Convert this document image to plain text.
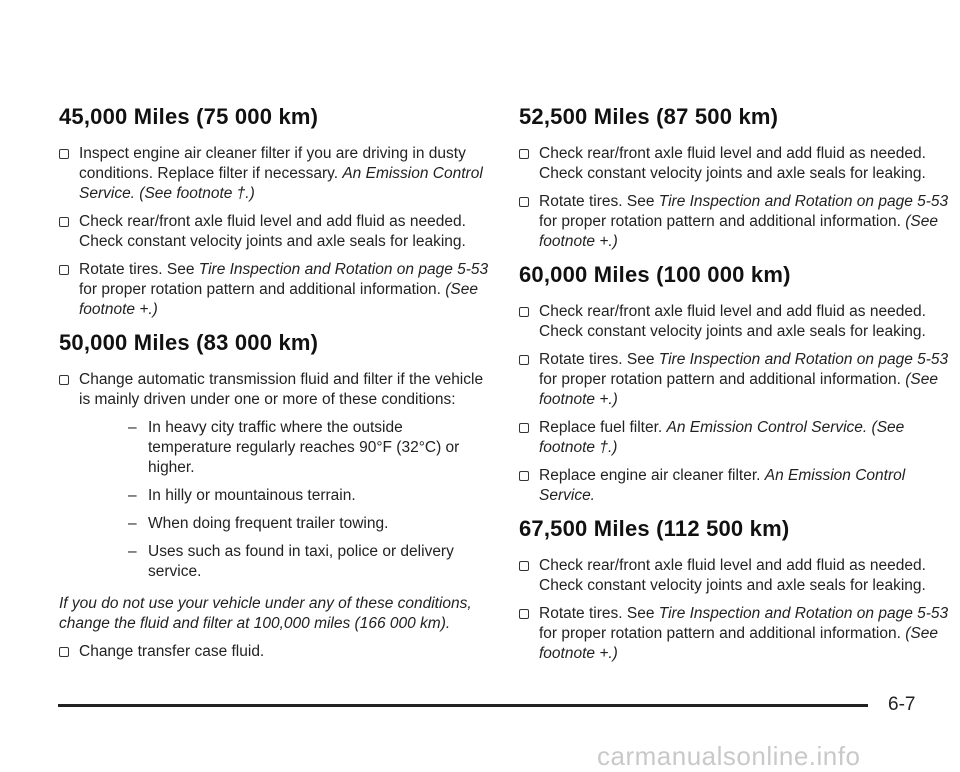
45,000 Miles (75 000 km)
Inspect engine air cleaner filter if you are driving in dusty conditions. Replace filter if necessary. An Emission Control Service. (See footnote †.)
Check rear/front axle fluid level and add fluid as needed. Check constant velocity joints and axle seals for leaking.
Rotate tires. See Tire Inspection and Rotation on page 5-53 for proper rotation pattern and additional information. (See footnote +.)
50,000 Miles (83 000 km)
Change automatic transmission fluid and filter if the vehicle is mainly driven under one or more of these conditions:
– In heavy city traffic where the outside temperature regularly reaches 90°F (32°C) or higher.
– In hilly or mountainous terrain.
– When doing frequent trailer towing.
– Uses such as found in taxi, police or delivery service.
If you do not use your vehicle under any of these conditions, change the fluid and filter at 100,000 miles (166 000 km).
Change transfer case fluid.
52,500 Miles (87 500 km)
Check rear/front axle fluid level and add fluid as needed. Check constant velocity joints and axle seals for leaking.
Rotate tires. See Tire Inspection and Rotation on page 5-53 for proper rotation pattern and additional information. (See footnote +.)
60,000 Miles (100 000 km)
Check rear/front axle fluid level and add fluid as needed. Check constant velocity joints and axle seals for leaking.
Rotate tires. See Tire Inspection and Rotation on page 5-53 for proper rotation pattern and additional information. (See footnote +.)
Replace fuel filter. An Emission Control Service. (See footnote †.)
Replace engine air cleaner filter. An Emission Control Service.
67,500 Miles (112 500 km)
Check rear/front axle fluid level and add fluid as needed. Check constant velocity joints and axle seals for leaking.
Rotate tires. See Tire Inspection and Rotation on page 5-53 for proper rotation pattern and additional information. (See footnote +.)
6-7
carmanualsonline.info
